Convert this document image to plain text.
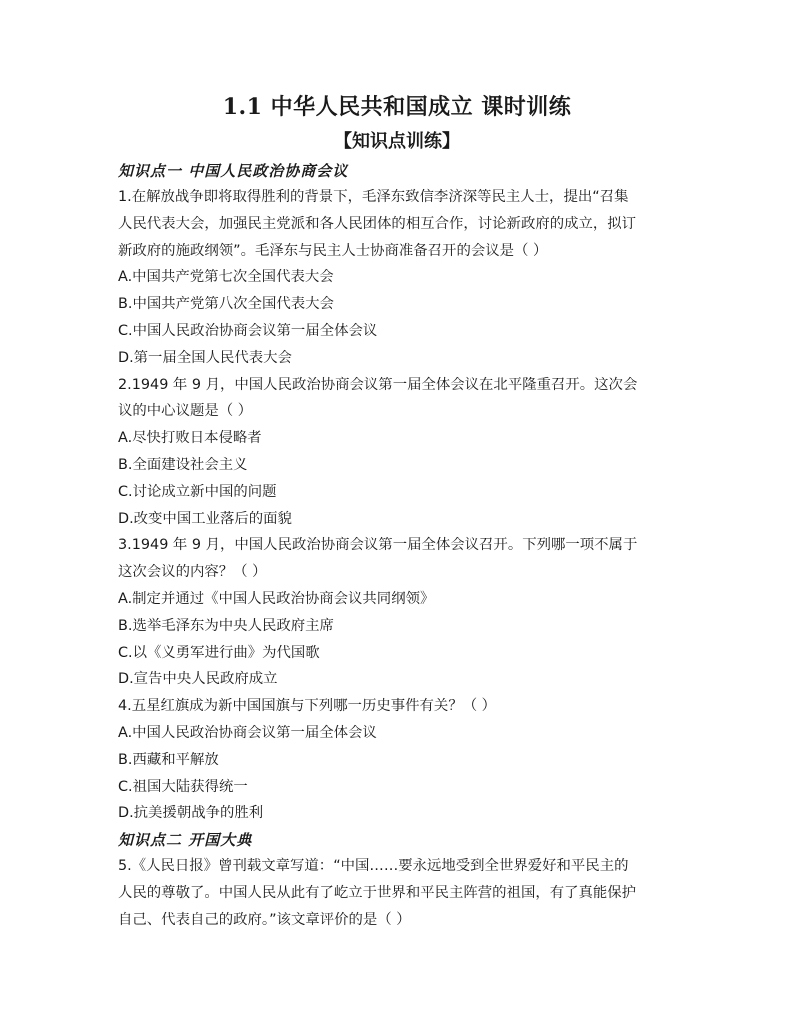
1.1 中华人民共和国成立 课时训练
【知识点训练】
知识点一 中国人民政治协商会议
1.在解放战争即将取得胜利的背景下，毛泽东致信李济深等民主人士，提出“召集
人民代表大会，加强民主党派和各人民团体的相互合作，讨论新政府的成立，拟订
新政府的施政纲领”。毛泽东与民主人士协商准备召开的会议是（ ）
A.中国共产党第七次全国代表大会
B.中国共产党第八次全国代表大会
C.中国人民政治协商会议第一届全体会议
D.第一届全国人民代表大会
2.1949 年 9 月，中国人民政治协商会议第一届全体会议在北平隆重召开。这次会
议的中心议题是（ ）
A.尽快打败日本侵略者
B.全面建设社会主义
C.讨论成立新中国的问题
D.改变中国工业落后的面貌
3.1949 年 9 月，中国人民政治协商会议第一届全体会议召开。下列哪一项不属于
这次会议的内容？（ ）
A.制定并通过《中国人民政治协商会议共同纲领》
B.选举毛泽东为中央人民政府主席
C.以《义勇军进行曲》为代国歌
D.宣告中央人民政府成立
4.五星红旗成为新中国国旗与下列哪一历史事件有关？（ ）
A.中国人民政治协商会议第一届全体会议
B.西藏和平解放
C.祖国大陆获得统一
D.抗美援朝战争的胜利
知识点二 开国大典
5.《人民日报》曾刊载文章写道：“中国……要永远地受到全世界爱好和平民主的
人民的尊敬了。中国人民从此有了屹立于世界和平民主阵营的祖国，有了真能保护
自己、代表自己的政府。”该文章评价的是（ ）
